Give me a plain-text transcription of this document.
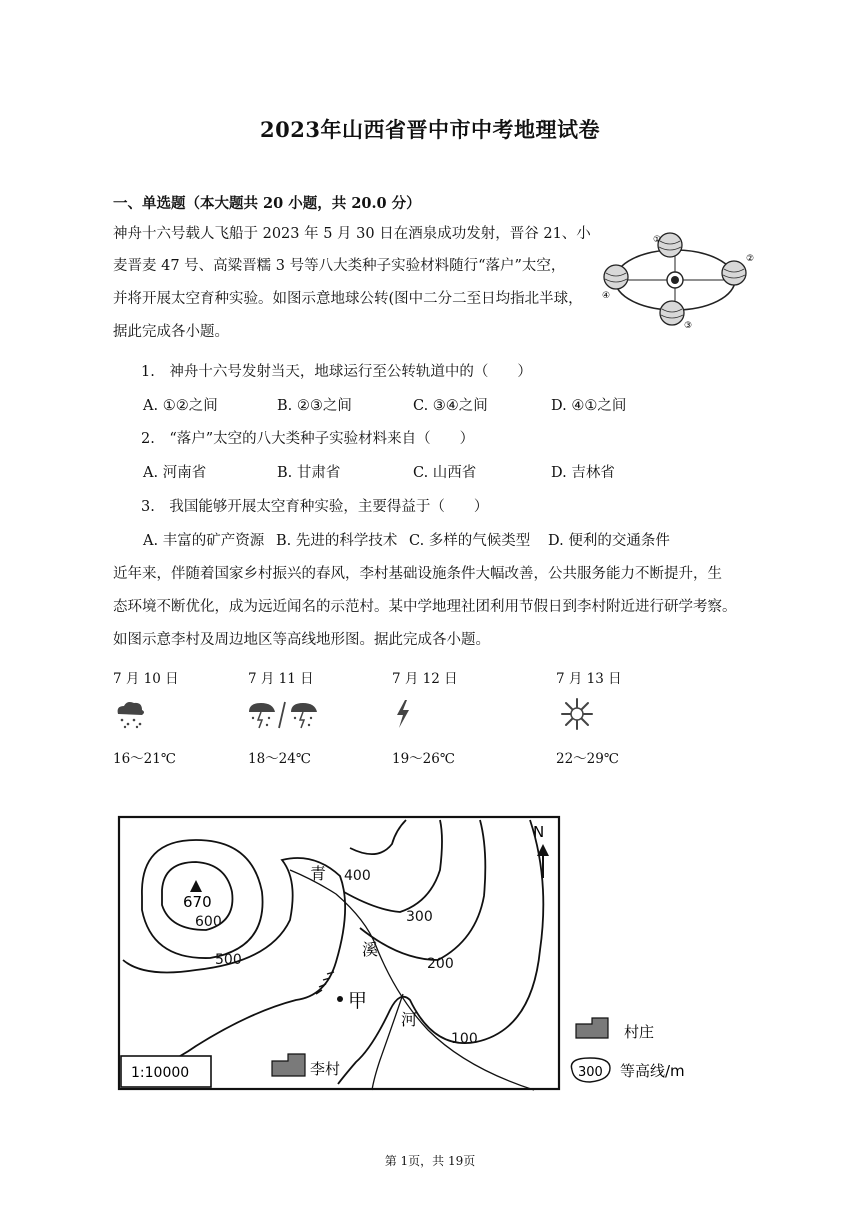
2023年山西省晋中市中考地理试卷
一、单选题（本大题共 20 小题，共 20.0 分）
神舟十六号载人飞船于 2023 年 5 月 30 日在酒泉成功发射，晋谷 21、小
麦晋麦 47 号、高粱晋糯 3 号等八大类种子实验材料随行“落户”太空，
并将开展太空育种实验。如图示意地球公转(图中二分二至日均指北半球，
据此完成各小题。
①
②
③
④
1.　神舟十六号发射当天，地球运行至公转轨道中的（　　）
A. ①②之间	B. ②③之间	C. ③④之间	D. ④①之间
2.　“落户”太空的八大类种子实验材料来自（　　）
A. 河南省	B. 甘肃省	C. 山西省	D. 吉林省
3.　我国能够开展太空育种实验，主要得益于（　　）
A. 丰富的矿产资源 B. 先进的科学技术 C. 多样的气候类型 D. 便利的交通条件
近年来，伴随着国家乡村振兴的春风，李村基础设施条件大幅改善，公共服务能力不断提升，生
态环境不断优化，成为远近闻名的示范村。某中学地理社团利用节假日到李村附近进行研学考察。
如图示意李村及周边地区等高线地形图。据此完成各小题。
7 月 10 日	7 月 11 日	7 月 12 日	7 月 13 日
16～21℃	18～24℃	19～26℃	22～29℃
N
670
青
溪
河
600
500
400
300
200
100
甲
李村
1:10000
村庄
300 等高线/m
第 1页，共 19页
